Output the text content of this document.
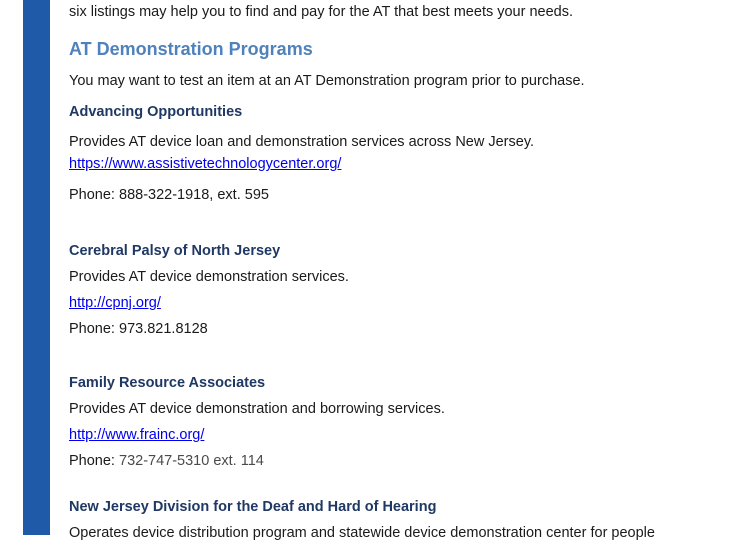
six listings may help you to find and pay for the AT that best meets your needs.
AT Demonstration Programs
You may want to test an item at an AT Demonstration program prior to purchase.
Advancing Opportunities
Provides AT device loan and demonstration services across New Jersey.
https://www.assistivetechnologycenter.org/
Phone: 888-322-1918, ext. 595
Cerebral Palsy of North Jersey
Provides AT device demonstration services.
http://cpnj.org/
Phone: 973.821.8128
Family Resource Associates
Provides AT device demonstration and borrowing services.
http://www.frainc.org/
Phone: 732-747-5310 ext. 114
New Jersey Division for the Deaf and Hard of Hearing
Operates device distribution program and statewide device demonstration center for people
